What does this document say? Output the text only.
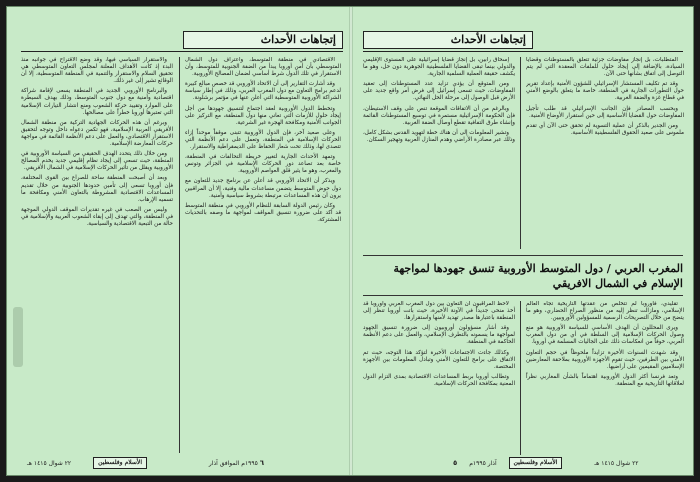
إتجاهات الأحداث

والاستقرار السياسي فيها، وقد وضع الاقتراح في جوانبه منذ البدء إذ كانت الأهداف المعلنة لمجلس التعاون المتوسطي هي تحقيق السلام والاستقرار والتنمية في المنطقة المتوسطية، إلا أن الوقائع تشير إلى غير ذلك.

والبرنامج الأوروبي الجديد في المنطقة يسعى لإقامة شراكة اقتصادية وأمنية مع دول جنوب المتوسط، وذلك بهدف السيطرة على الموارد وتقييد حركة الشعوب ومنع انتشار التيارات الإسلامية التي تعتبرها أوروبا خطراً على مصالحها.

وبرغم أن هذه الحركات الجهادية التركية من منطقة الشمال الأفريقي العربية الإسلامية، فهو تكمن دعواه داخل وتوجه لتحقيق الاستقرار الاقتصادي، والعمل على دعم الأنظمة القائمة في مواجهة حركات المعارضة الإسلامية.

ومن خلال ذلك يتحدد الهدف الحقيقي من السياسة الأوروبية في المنطقة، حيث تسعى إلى إيجاد نظام إقليمي جديد يخدم المصالح الأوروبية ويقلل من تأثير الحركات الإسلامية في الشمال الأفريقي.

وبعد أن أصبحت المنطقة ساحة للصراع بين القوى المختلفة، فإن أوروبا تسعى إلى تأمين حدودها الجنوبية من خلال تقديم المساعدات الاقتصادية المشروطة بالتعاون الأمني ومكافحة ما تسميه الإرهاب.

وليس من الصعب في غيره تقديرات الموقف الدولي الموجهة في المنطقة، والتي تهدف إلى إبقاء الشعوب العربية والإسلامية في حالة من التبعية الاقتصادية والسياسية.

الاقتصادي في منطقة المتوسط، واعتراف دول الشمال المتوسطي بأن أمن أوروبا يبدأ من الضفة الجنوبية للمتوسط، وأن الاستقرار في تلك الدول شرط أساسي لضمان المصالح الأوروبية.

وقد أشارت التقارير إلى أن الاتحاد الأوروبي قد خصص مبالغ كبيرة لدعم برامج التعاون مع دول المغرب العربي، وذلك في إطار سياسة الشراكة الأوروبية المتوسطية التي أعلن عنها في مؤتمر برشلونة.

وتخطط الدول الأوروبية لعقد اجتماع لتنسيق جهودها من أجل إيجاد حلول للأزمات التي تعاني منها دول المنطقة، مع التركيز على الجوانب الأمنية ومكافحة الهجرة غير الشرعية.

وعلى صعيد آخر، فإن الدول الأوروبية تتبنى موقفاً موحداً إزاء الحركات الإسلامية في المنطقة، وتعمل على دعم الأنظمة التي تتصدى لها، وذلك تحت شعار الحفاظ على الديمقراطية والاستقرار.

وتمهد الأحداث الجارية لتغيير خريطة التحالفات في المنطقة، خاصة بعد تصاعد دور الحركات الإسلامية في الجزائر وتونس والمغرب، وهو ما يثير قلق العواصم الأوروبية.

ويذكر أن الاتحاد الأوروبي قد أعلن عن برنامج جديد للتعاون مع دول حوض المتوسط يتضمن مساعدات مالية وفنية، إلا أن المراقبين يرون أن هذه المساعدات مرتبطة بشروط سياسية وأمنية.

وكان رئيس الدولة السابقة للنظام الأوروبي في منطقة المتوسط قد أكد على ضرورة تنسيق المواقف لمواجهة ما وصفه بالتحديات المشتركة.

٦ ١٩٩٥م الموافق آذار الأسلام وفلسطين ٢٢ شوال ١٤١٥ هـ
إتجاهات الأحداث

إسحاق رابين، بل إنجاز قضايا إسرائيلية على المستوى الإقليمي والدولي بينما تبقى القضايا الفلسطينية الجوهرية دون حل، وهو ما يكشف حقيقة العملية السلمية الجارية.

ومن المتوقع أن يؤدي تزايد عدد المستوطنات إلى تعقيد المفاوضات، حيث تسعى إسرائيل إلى فرض أمر واقع جديد على الأرض قبل الوصول إلى مرحلة الحل النهائي.

وبالرغم من أن الاتفاقات الموقعة تنص على وقف الاستيطان، فإن الحكومة الإسرائيلية مستمرة في توسيع المستوطنات القائمة وإنشاء طرق التفافية تقطع أوصال الضفة الغربية.

وتشير المعلومات إلى أن هناك خطة لتهويد القدس بشكل كامل، وذلك عبر مصادرة الأراضي وهدم المنازل العربية وتهجير السكان.

المتطلبات، بل إنجاز مفاوضات جزئية تتعلق بالمستوطنات وقضايا السيادة، بالإضافة إلى إيجاد حلول للملفات المعقدة التي لم يتم التوصل إلى اتفاق بشأنها حتى الآن.

وقد تم تكليف المستشار الإسرائيلي للشؤون الأمنية بإعداد تقرير حول التطورات الجارية في المنطقة، خاصة ما يتعلق بالوضع الأمني في قطاع غزة والضفة الغربية.

وبحسب المصادر فإن الجانب الإسرائيلي قد طلب تأجيل المفاوضات حول القضايا الأساسية إلى حين استقرار الأوضاع الأمنية.

ومن الجدير بالذكر أن عملية التسوية لم تحقق حتى الآن أي تقدم ملموس على صعيد الحقوق الفلسطينية الأساسية.

المغرب العربي / دول المتوسط الأوروبية تنسق جهودها لمواجهة الإسلام في الشمال الافريقي

لاحظ المراقبون أن التعاون بين دول المغرب العربي وأوروبا قد أخذ منحى جديداً في الآونة الأخيرة، حيث باتت أوروبا تنظر إلى المنطقة باعتبارها مصدر تهديد لأمنها واستقرارها.

وقد أشار مسؤولون أوروبيون إلى ضرورة تنسيق الجهود لمواجهة ما يسمونه بالتطرف الإسلامي، والعمل على دعم الأنظمة الحاكمة في المنطقة.

وكذلك جاءت الاجتماعات الأخيرة لتؤكد هذا التوجه، حيث تم الاتفاق على برامج للتعاون الأمني وتبادل المعلومات بين الأجهزة المختصة.

وتطالب أوروبا بربط المساعدات الاقتصادية بمدى التزام الدول المعنية بمكافحة الحركات الإسلامية.

تقليدي، فأوروبا لم تتخلص من عقدتها التاريخية تجاه العالم الإسلامي، ومازالت تنظر إليه من منظور الصراع الحضاري، وهو ما يتضح من خلال التصريحات الرسمية للمسؤولين الأوروبيين.

ويرى المحللون أن الهدف الأساسي للسياسة الأوروبية هو منع وصول الحركات الإسلامية إلى السلطة في أي من دول المغرب العربي، خوفاً من انعكاسات ذلك على الجاليات المسلمة في أوروبا.

وقد شهدت السنوات الأخيرة تزايداً ملحوظاً في حجم التعاون الأمني بين الطرفين، حيث تقوم الأجهزة الأوروبية بملاحقة المعارضين الإسلاميين المقيمين على أراضيها.

وتعد فرنسا أكثر الدول الأوروبية اهتماماً بالشأن المغاربي نظراً لعلاقاتها التاريخية مع المنطقة.

٢٢ شوال ١٤١٥ هـ الأسلام وفلسطين آذار ١٩٩٥م ٥
